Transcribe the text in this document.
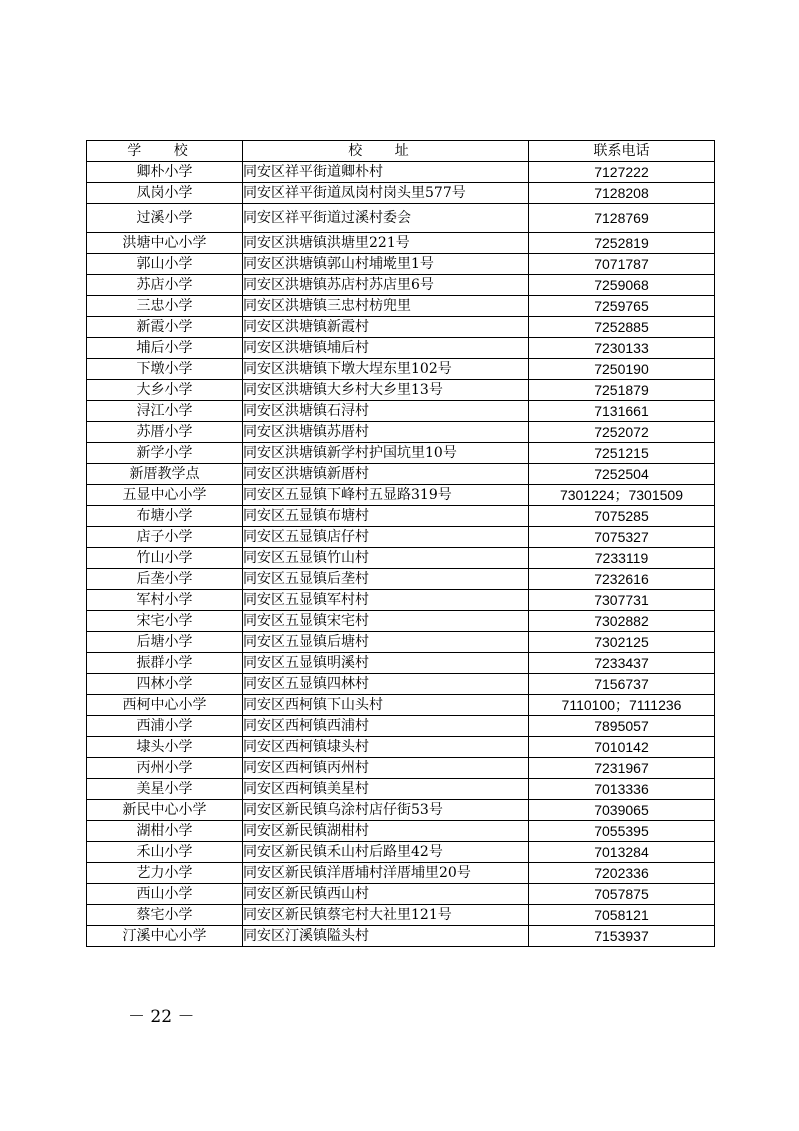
学 校	校 址	联系电话
卿朴小学	同安区祥平街道卿朴村	7127222
凤岗小学	同安区祥平街道凤岗村岗头里577号	7128208
过溪小学	同安区祥平街道过溪村委会	7128769
洪塘中心小学	同安区洪塘镇洪塘里221号	7252819
郭山小学	同安区洪塘镇郭山村埔墘里1号	7071787
苏店小学	同安区洪塘镇苏店村苏店里6号	7259068
三忠小学	同安区洪塘镇三忠村枋兜里	7259765
新霞小学	同安区洪塘镇新霞村	7252885
埔后小学	同安区洪塘镇埔后村	7230133
下墩小学	同安区洪塘镇下墩大埕东里102号	7250190
大乡小学	同安区洪塘镇大乡村大乡里13号	7251879
浔江小学	同安区洪塘镇石浔村	7131661
苏厝小学	同安区洪塘镇苏厝村	7252072
新学小学	同安区洪塘镇新学村护国坑里10号	7251215
新厝教学点	同安区洪塘镇新厝村	7252504
五显中心小学	同安区五显镇下峰村五显路319号	7301224；7301509
布塘小学	同安区五显镇布塘村	7075285
店子小学	同安区五显镇店仔村	7075327
竹山小学	同安区五显镇竹山村	7233119
后垄小学	同安区五显镇后垄村	7232616
军村小学	同安区五显镇军村村	7307731
宋宅小学	同安区五显镇宋宅村	7302882
后塘小学	同安区五显镇后塘村	7302125
振群小学	同安区五显镇明溪村	7233437
四林小学	同安区五显镇四林村	7156737
西柯中心小学	同安区西柯镇下山头村	7110100；7111236
西浦小学	同安区西柯镇西浦村	7895057
埭头小学	同安区西柯镇埭头村	7010142
丙州小学	同安区西柯镇丙州村	7231967
美星小学	同安区西柯镇美星村	7013336
新民中心小学	同安区新民镇乌涂村店仔街53号	7039065
湖柑小学	同安区新民镇湖柑村	7055395
禾山小学	同安区新民镇禾山村后路里42号	7013284
艺力小学	同安区新民镇洋厝埔村洋厝埔里20号	7202336
西山小学	同安区新民镇西山村	7057875
蔡宅小学	同安区新民镇蔡宅村大社里121号	7058121
汀溪中心小学	同安区汀溪镇隘头村	7153937
－ 22 －
